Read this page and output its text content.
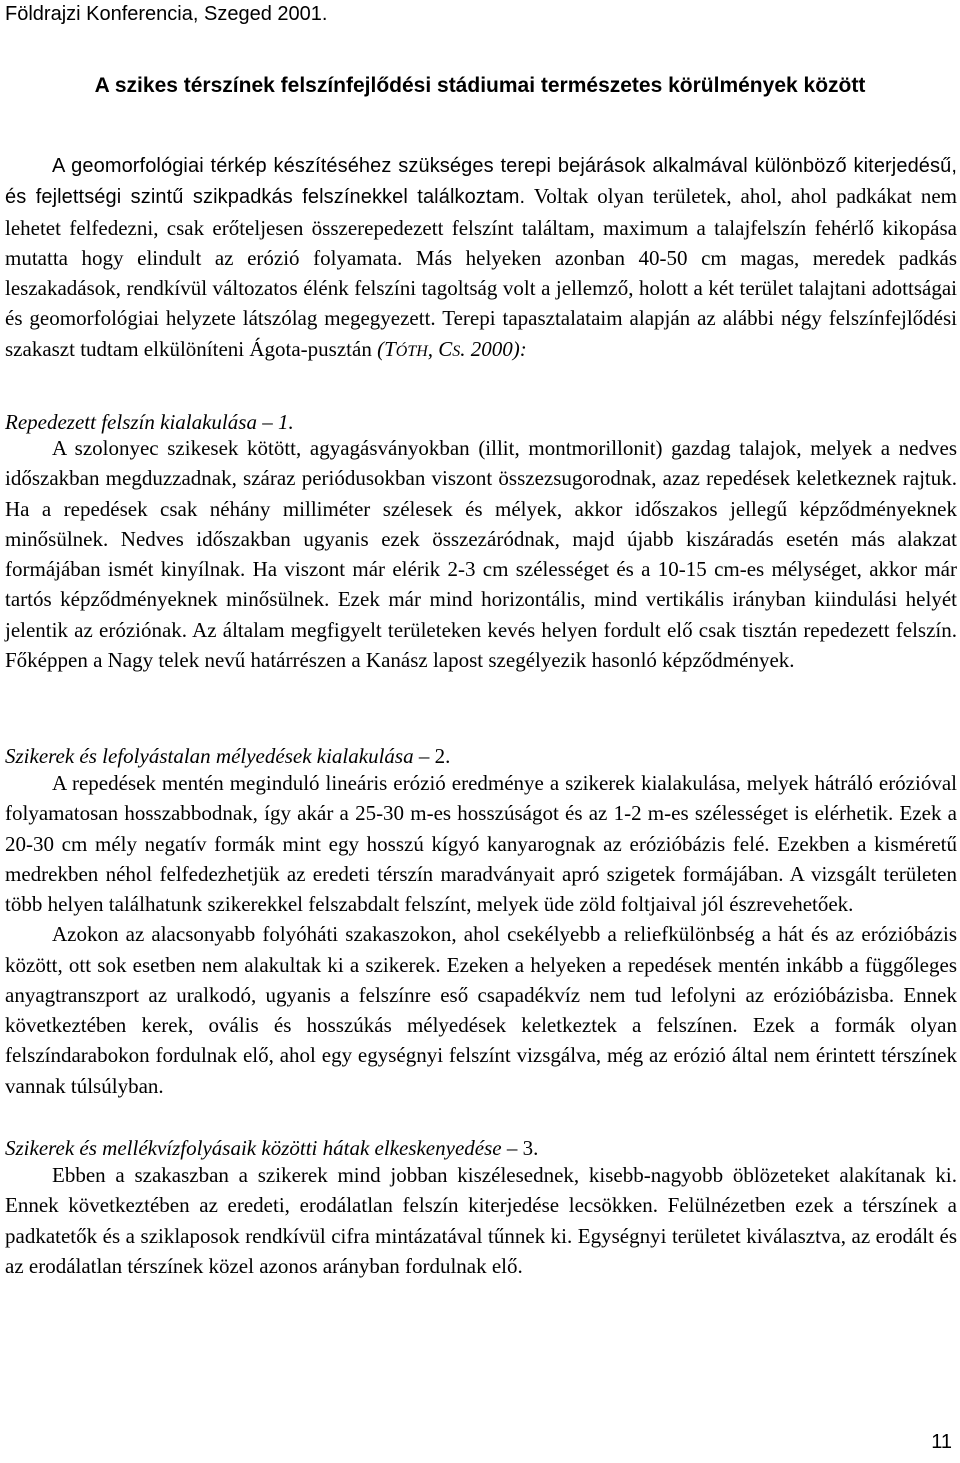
Földrajzi Konferencia, Szeged 2001.
A szikes térszínek felszínfejlődési stádiumai természetes körülmények között

A geomorfológiai térkép készítéséhez szükséges terepi bejárások alkalmával különböző kiterjedésű, és fejlettségi szintű szikpadkás felszínekkel találkoztam. Voltak olyan területek, ahol, ahol padkákat nem lehetet felfedezni, csak erőteljesen összerepedezett felszínt találtam, maximum a talajfelszín fehérlő kikopása mutatta hogy elindult az erózió folyamata. Más helyeken azonban 40-50 cm magas, meredek padkás leszakadások, rendkívül változatos élénk felszíni tagoltság volt a jellemző, holott a két terület talajtani adottságai és geomorfológiai helyzete látszólag megegyezett. Terepi tapasztalataim alapján az alábbi négy felszínfejlődési szakaszt tudtam elkülöníteni Ágota-pusztán (TÓTH, CS. 2000):

Repedezett felszín kialakulása – 1.

A szolonyec szikesek kötött, agyagásványokban (illit, montmorillonit) gazdag talajok, melyek a nedves időszakban megduzzadnak, száraz periódusokban viszont összezsugorodnak, azaz repedések keletkeznek rajtuk. Ha a repedések csak néhány milliméter szélesek és mélyek, akkor időszakos jellegű képződményeknek minősülnek. Nedves időszakban ugyanis ezek összezáródnak, majd újabb kiszáradás esetén más alakzat formájában ismét kinyílnak. Ha viszont már elérik 2-3 cm szélességet és a 10-15 cm-es mélységet, akkor már tartós képződményeknek minősülnek. Ezek már mind horizontális, mind vertikális irányban kiindulási helyét jelentik az eróziónak. Az általam megfigyelt területeken kevés helyen fordult elő csak tisztán repedezett felszín. Főképpen a Nagy telek nevű határrészen a Kanász lapost szegélyezik hasonló képződmények.

Szikerek és lefolyástalan mélyedések kialakulása – 2.

A repedések mentén meginduló lineáris erózió eredménye a szikerek kialakulása, melyek hátráló erózióval folyamatosan hosszabbodnak, így akár a 25-30 m-es hosszúságot és az 1-2 m-es szélességet is elérhetik. Ezek a 20-30 cm mély negatív formák mint egy hosszú kígyó kanyarognak az erózióbázis felé. Ezekben a kisméretű medrekben néhol felfedezhetjük az eredeti térszín maradványait apró szigetek formájában. A vizsgált területen több helyen találhatunk szikerekkel felszabdalt felszínt, melyek üde zöld foltjaival jól észrevehetőek.

Azokon az alacsonyabb folyóháti szakaszokon, ahol csekélyebb a reliefkülönbség a hát és az erózióbázis között, ott sok esetben nem alakultak ki a szikerek. Ezeken a helyeken a repedések mentén inkább a függőleges anyagtranszport az uralkodó, ugyanis a felszínre eső csapadékvíz nem tud lefolyni az erózióbázisba. Ennek következtében kerek, ovális és hosszúkás mélyedések keletkeztek a felszínen. Ezek a formák olyan felszíndarabokon fordulnak elő, ahol egy egységnyi felszínt vizsgálva, még az erózió által nem érintett térszínek vannak túlsúlyban.

Szikerek és mellékvízfolyásaik közötti hátak elkeskenyedése – 3.

Ebben a szakaszban a szikerek mind jobban kiszélesednek, kisebb-nagyobb öblözeteket alakítanak ki. Ennek következtében az eredeti, erodálatlan felszín kiterjedése lecsökken. Felülnézetben ezek a térszínek a padkatetők és a sziklaposok rendkívül cifra mintázatával tűnnek ki. Egységnyi területet kiválasztva, az erodált és az erodálatlan térszínek közel azonos arányban fordulnak elő.

11
